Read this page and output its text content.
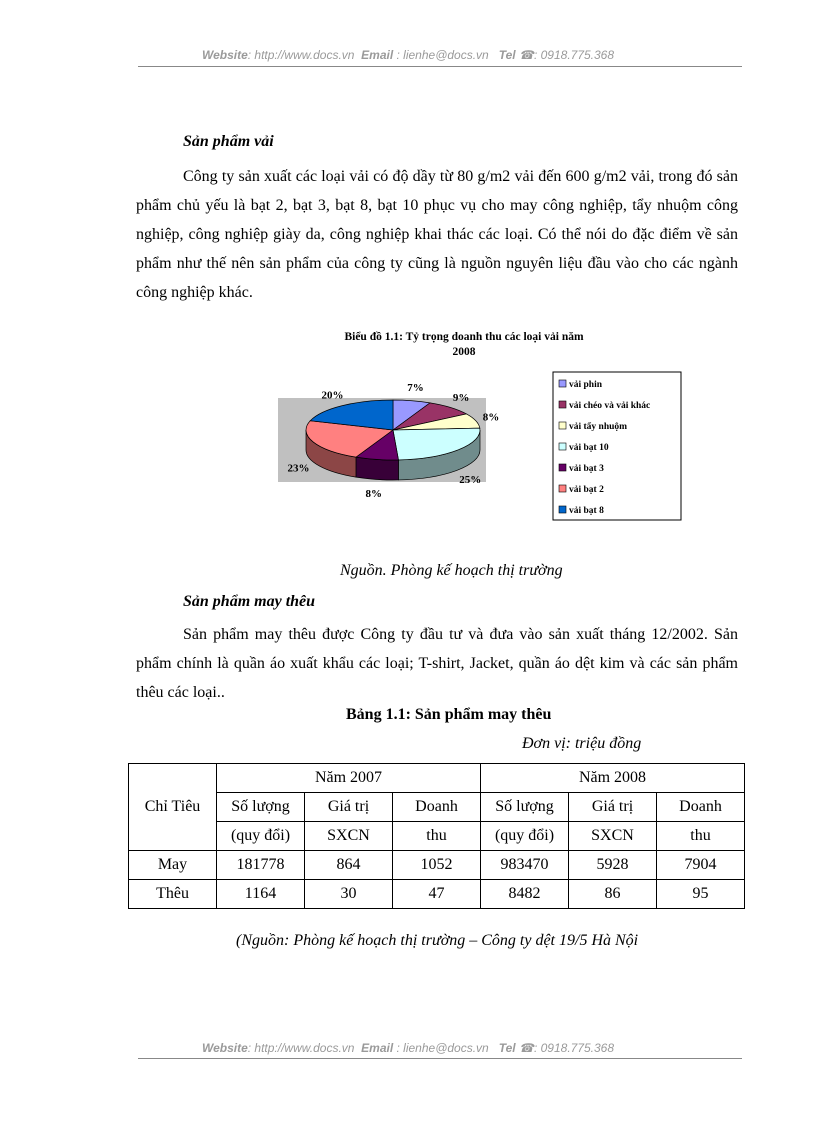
Website: http://www.docs.vn Email : lienhe@docs.vn Tel ☎: 0918.775.368
Sản phẩm vải
Công ty sản xuất các loại vải có độ dầy từ 80 g/m2 vải đến 600 g/m2 vải, trong đó sản phẩm chủ yếu là bạt 2, bạt 3, bạt 8, bạt 10 phục vụ cho may công nghiệp, tẩy nhuộm công nghiệp, công nghiệp giày da, công nghiệp khai thác các loại. Có thể nói do đặc điểm về sản phẩm như thế nên sản phẩm của công ty cũng là nguồn nguyên liệu đầu vào cho các ngành công nghiệp khác.
Biểu đồ 1.1: Tỷ trọng doanh thu các loại vải năm
2008
7%
9%
8%
25%
8%
23%
20%
vải phin
vải chéo và vải khác
vải tẩy nhuộm
vải bạt 10
vải bạt 3
vải bạt 2
vải bạt 8
Nguồn. Phòng kế hoạch thị trường
Sản phẩm may thêu
Sản phẩm may thêu được Công ty đầu tư và đưa vào sản xuất tháng 12/2002. Sản phẩm chính là quần áo xuất khẩu các loại; T-shirt, Jacket, quần áo dệt kim và các sản phẩm thêu các loại..
Bảng 1.1: Sản phẩm may thêu
Đơn vị: triệu đồng
Chỉ Tiêu	Năm 2007			Năm 2008		
	Số lượng	Giá trị	Doanh	Số lượng	Giá trị	Doanh
	(quy đổi)	SXCN	thu	(quy đổi)	SXCN	thu
May	181778	864	1052	983470	5928	7904
Thêu	1164	30	47	8482	86	95
(Nguồn: Phòng kế hoạch thị trường – Công ty dệt 19/5 Hà Nội
Website: http://www.docs.vn Email : lienhe@docs.vn Tel ☎: 0918.775.368
